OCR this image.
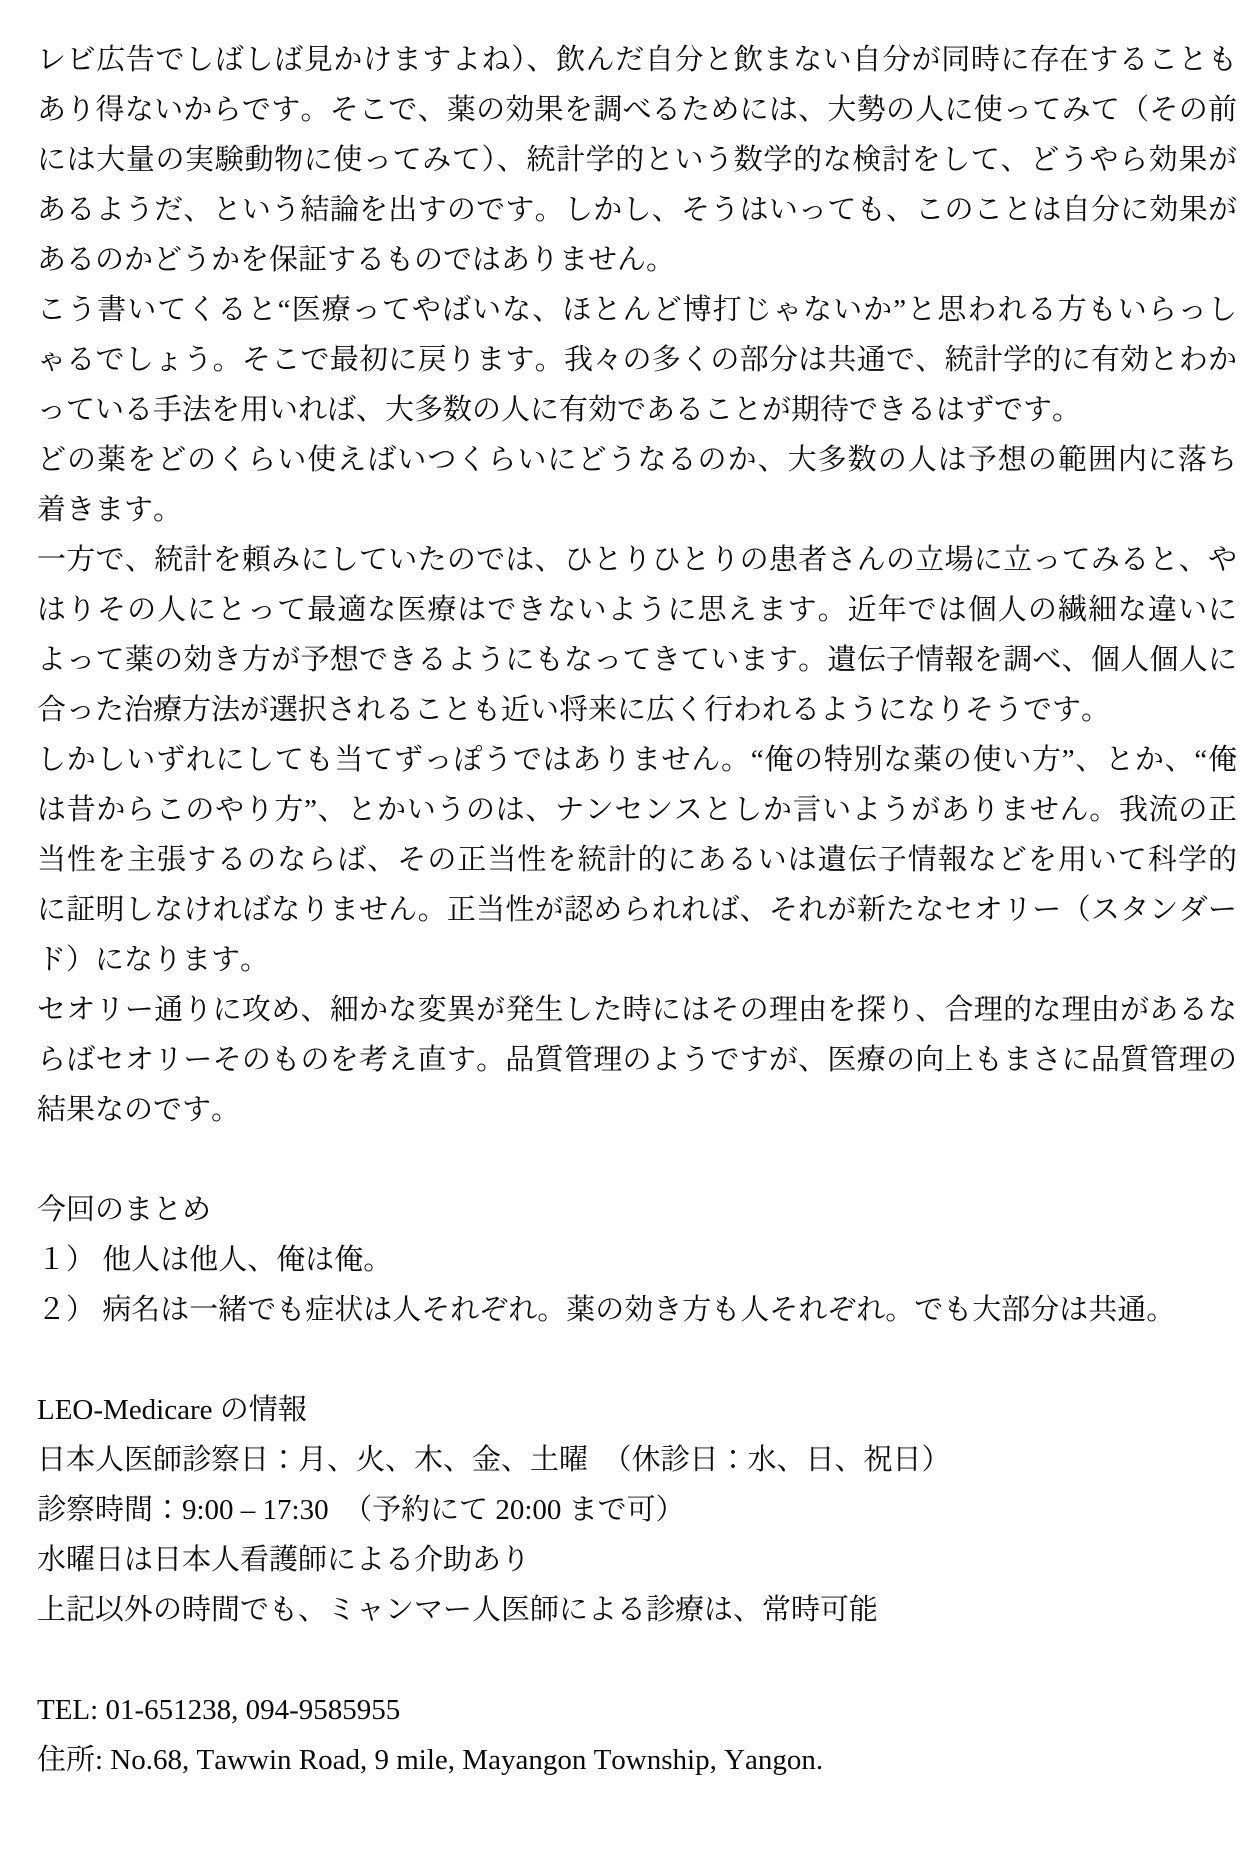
レビ広告でしばしば見かけますよね）、飲んだ自分と飲まない自分が同時に存在することも
あり得ないからです。そこで、薬の効果を調べるためには、大勢の人に使ってみて（その前
には大量の実験動物に使ってみて）、統計学的という数学的な検討をして、どうやら効果が
あるようだ、という結論を出すのです。しかし、そうはいっても、このことは自分に効果が
あるのかどうかを保証するものではありません。
こう書いてくると“医療ってやばいな、ほとんど博打じゃないか”と思われる方もいらっし
ゃるでしょう。そこで最初に戻ります。我々の多くの部分は共通で、統計学的に有効とわか
っている手法を用いれば、大多数の人に有効であることが期待できるはずです。
どの薬をどのくらい使えばいつくらいにどうなるのか、大多数の人は予想の範囲内に落ち
着きます。
一方で、統計を頼みにしていたのでは、ひとりひとりの患者さんの立場に立ってみると、や
はりその人にとって最適な医療はできないように思えます。近年では個人の繊細な違いに
よって薬の効き方が予想できるようにもなってきています。遺伝子情報を調べ、個人個人に
合った治療方法が選択されることも近い将来に広く行われるようになりそうです。
しかしいずれにしても当てずっぽうではありません。“俺の特別な薬の使い方”、とか、“俺
は昔からこのやり方”、とかいうのは、ナンセンスとしか言いようがありません。我流の正
当性を主張するのならば、その正当性を統計的にあるいは遺伝子情報などを用いて科学的
に証明しなければなりません。正当性が認められれば、それが新たなセオリー（スタンダー
ド）になります。
セオリー通りに攻め、細かな変異が発生した時にはその理由を探り、合理的な理由があるな
らばセオリーそのものを考え直す。品質管理のようですが、医療の向上もまさに品質管理の
結果なのです。
今回のまとめ
１） 他人は他人、俺は俺。
２） 病名は一緒でも症状は人それぞれ。薬の効き方も人それぞれ。でも大部分は共通。
LEO-Medicare の情報
日本人医師診察日：月、火、木、金、土曜　（休診日：水、日、祝日）
診察時間：9:00 – 17:30　（予約にて 20:00 まで可）
水曜日は日本人看護師による介助あり
上記以外の時間でも、ミャンマー人医師による診療は、常時可能
TEL: 01-651238, 094-9585955
住所: No.68, Tawwin Road, 9 mile, Mayangon Township, Yangon.
